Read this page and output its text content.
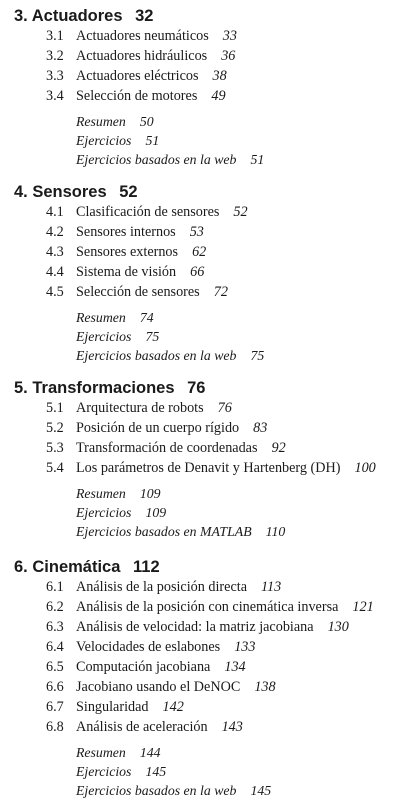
3. Actuadores 32
3.1 Actuadores neumáticos 33
3.2 Actuadores hidráulicos 36
3.3 Actuadores eléctricos 38
3.4 Selección de motores 49
Resumen 50
Ejercicios 51
Ejercicios basados en la web 51
4. Sensores 52
4.1 Clasificación de sensores 52
4.2 Sensores internos 53
4.3 Sensores externos 62
4.4 Sistema de visión 66
4.5 Selección de sensores 72
Resumen 74
Ejercicios 75
Ejercicios basados en la web 75
5. Transformaciones 76
5.1 Arquitectura de robots 76
5.2 Posición de un cuerpo rígido 83
5.3 Transformación de coordenadas 92
5.4 Los parámetros de Denavit y Hartenberg (DH) 100
Resumen 109
Ejercicios 109
Ejercicios basados en MATLAB 110
6. Cinemática 112
6.1 Análisis de la posición directa 113
6.2 Análisis de la posición con cinemática inversa 121
6.3 Análisis de velocidad: la matriz jacobiana 130
6.4 Velocidades de eslabones 133
6.5 Computación jacobiana 134
6.6 Jacobiano usando el DeNOC 138
6.7 Singularidad 142
6.8 Análisis de aceleración 143
Resumen 144
Ejercicios 145
Ejercicios basados en la web 145
